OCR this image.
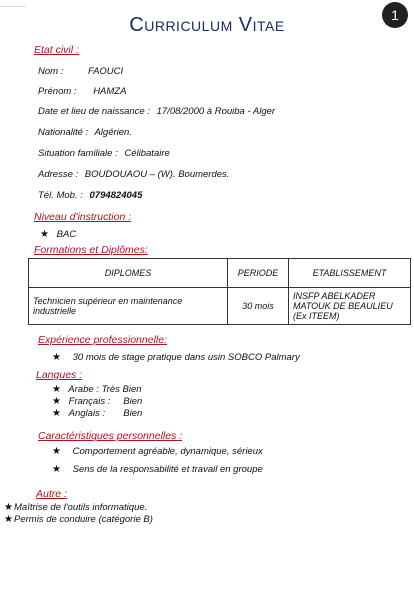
1
Curriculum Vitae
Etat civil :
Nom :	FAOUCI
Prénom : HAMZA
Date et lieu de naissance : 17/08/2000 à Rouiba - Alger
Nationalité : Algérien.
Situation familiale : Célibataire
Adresse : BOUDOUAOU – (W). Boumerdes.
Tél. Mob. : 0794824045
Niveau d'instruction :
★ BAC
Formations et Diplômes:
DIPLOMES	PERIODE	ETABLISSEMENT
Technicien supérieur en maintenance industrielle	30 mois	INSFP ABELKADER MATOUK DE BEAULIEU (Ex ITEEM)
Expérience professionnelle:
★ 30 mois de stage pratique dans usin SOBCO Palmary
Langues :
★ Arabe : Très Bien
★ Français : Bien
★ Anglais : Bien
Caractéristiques personnelles :
★ Comportement agréable, dynamique, sérieux
★ Sens de la responsabilité et travail en groupe
Autre :
★Maîtrise de l'outils informatique.
★Permis de conduire (catégorie B)
